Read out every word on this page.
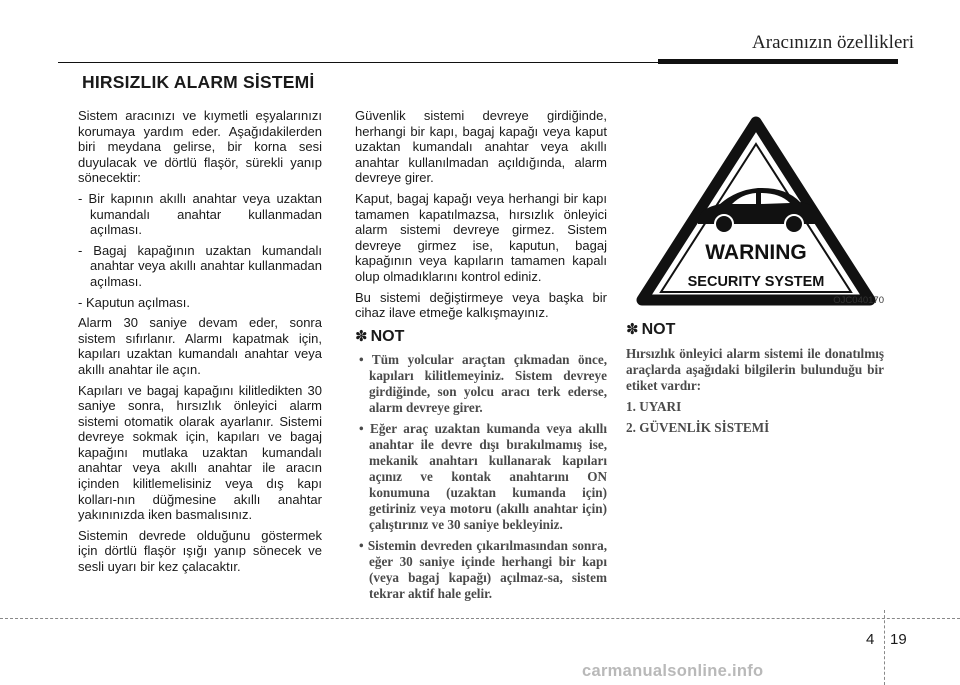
Aracınızın özellikleri
HIRSIZLIK ALARM SİSTEMİ

Sistem aracınızı ve kıymetli eşyalarınızı korumaya yardım eder. Aşağıdakilerden biri meydana gelirse, bir korna sesi duyulacak ve dörtlü flaşör, sürekli yanıp sönecektir:

- Bir kapının akıllı anahtar veya uzaktan kumandalı anahtar kullanmadan açılması.

- Bagaj kapağının uzaktan kumandalı anahtar veya akıllı anahtar kullanmadan açılması.

- Kaputun açılması.

Alarm 30 saniye devam eder, sonra sistem sıfırlanır. Alarmı kapatmak için, kapıları uzaktan kumandalı anahtar veya akıllı anahtar ile açın.

Kapıları ve bagaj kapağını kilitledikten 30 saniye sonra, hırsızlık önleyici alarm sistemi otomatik olarak ayarlanır. Sistemi devreye sokmak için, kapıları ve bagaj kapağını mutlaka uzaktan kumandalı anahtar veya akıllı anahtar ile aracın içinden kilitlemelisiniz veya dış kapı kolları-nın düğmesine akıllı anahtar yakınınızda iken basmalısınız.

Sistemin devrede olduğunu göstermek için dörtlü flaşör ışığı yanıp sönecek ve sesli uyarı bir kez çalacaktır.

Güvenlik sistemi devreye girdiğinde, herhangi bir kapı, bagaj kapağı veya kaput uzaktan kumandalı anahtar veya akıllı anahtar kullanılmadan açıldığında, alarm devreye girer.

Kaput, bagaj kapağı veya herhangi bir kapı tamamen kapatılmazsa, hırsızlık önleyici alarm sistemi devreye girmez. Sistem devreye girmez ise, kaputun, bagaj kapağının veya kapıların tamamen kapalı olup olmadıklarını kontrol ediniz.

Bu sistemi değiştirmeye veya başka bir cihaz ilave etmeğe kalkışmayınız.

✽ NOT

• Tüm yolcular araçtan çıkmadan önce, kapıları kilitlemeyiniz. Sistem devreye girdiğinde, son yolcu aracı terk ederse, alarm devreye girer.

• Eğer araç uzaktan kumanda veya akıllı anahtar ile devre dışı bırakılmamış ise, mekanik anahtarı kullanarak kapıları açınız ve kontak anahtarını ON konumuna (uzaktan kumanda için) getiriniz veya motoru (akıllı anahtar için) çalıştırınız ve 30 saniye bekleyiniz.

• Sistemin devreden çıkarılmasından sonra, eğer 30 saniye içinde herhangi bir kapı (veya bagaj kapağı) açılmaz-sa, sistem tekrar aktif hale gelir.

WARNING
SECURITY SYSTEM
OJC040170
✽ NOT

Hırsızlık önleyici alarm sistemi ile donatılmış araçlarda aşağıdaki bilgilerin bulunduğu bir etiket vardır:

1. UYARI

2. GÜVENLİK SİSTEMİ

4 19
carmanualsonline.info
